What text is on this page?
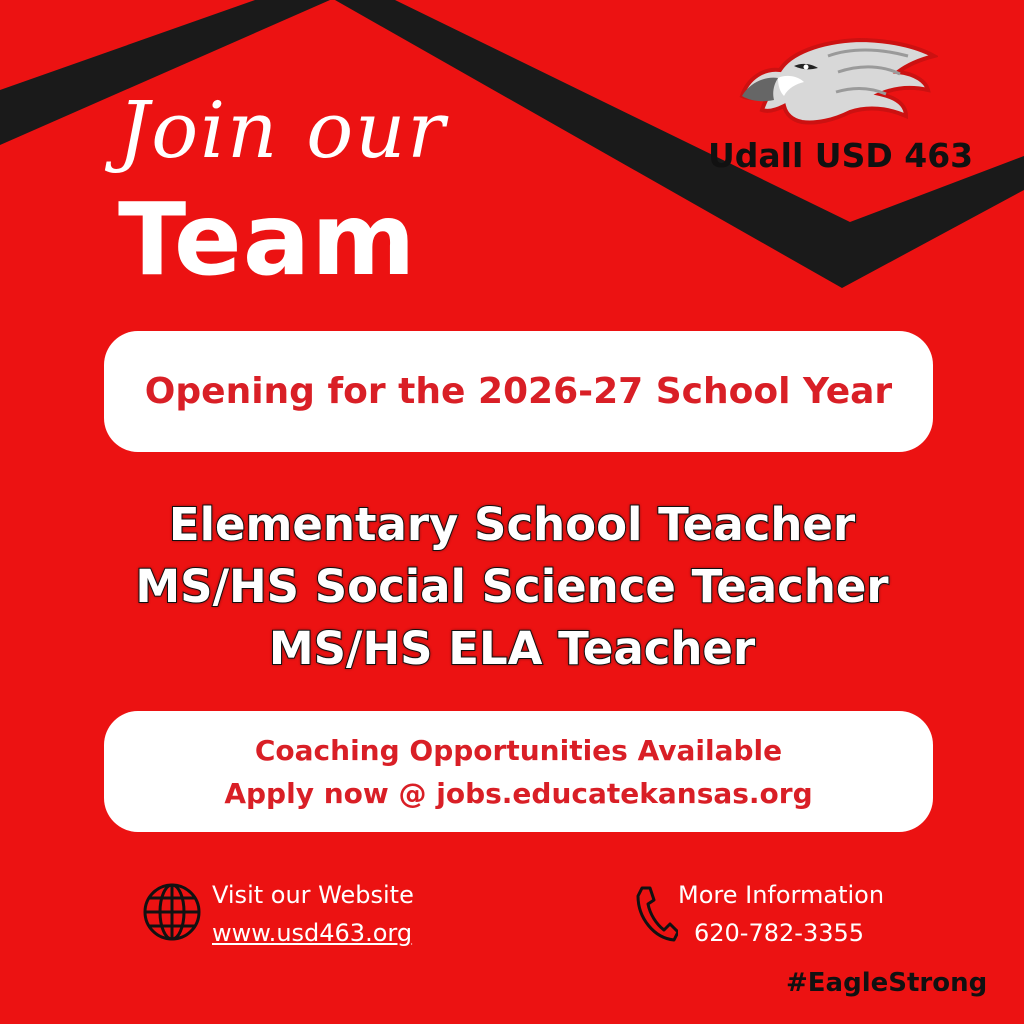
Join our
Team
Udall USD 463
Opening for the 2026-27 School Year
Elementary School Teacher
MS/HS Social Science Teacher
MS/HS ELA Teacher
Coaching Opportunities Available
Apply now @ jobs.educatekansas.org
Visit our Website
www.usd463.org
More Information
620-782-3355
#EagleStrong
